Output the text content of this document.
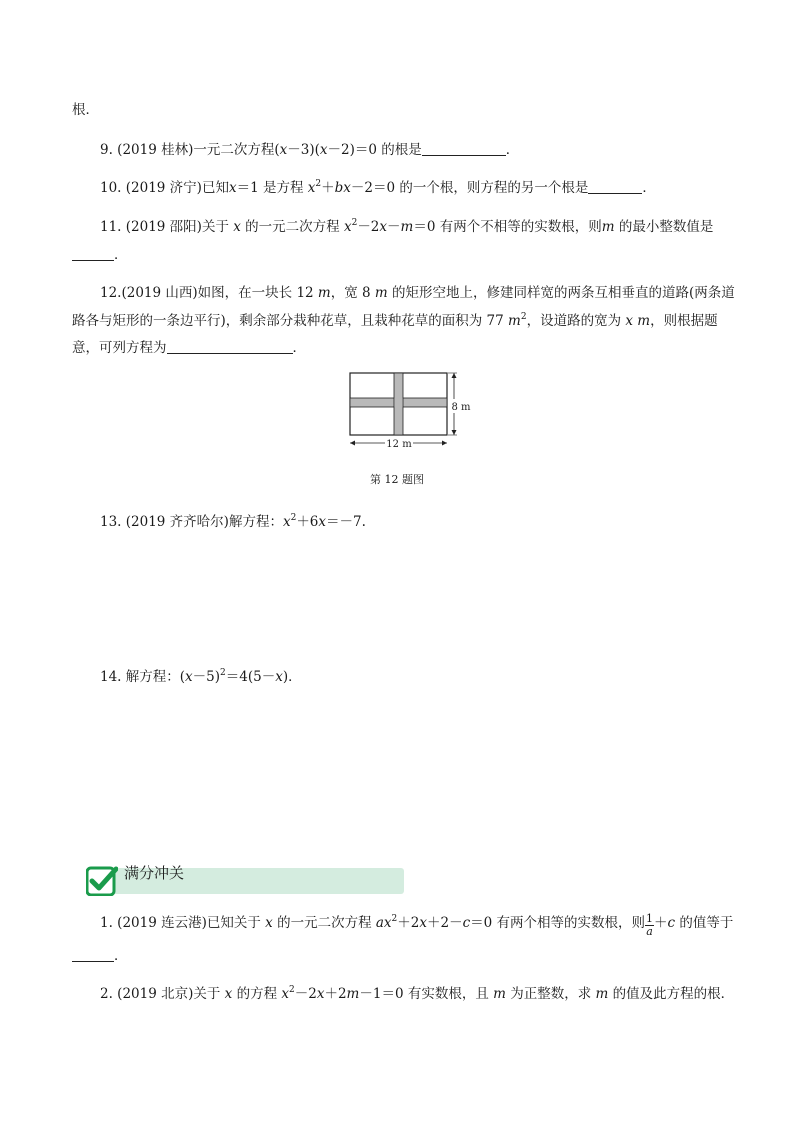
根．
9. (2019 桂林)一元二次方程(x－3)(x－2)＝0 的根是	．
10. (2019 济宁)已知x＝1 是方程 $x^2+bx-2=0$ 的一个根，则方程的另一个根是	．
11. (2019 邵阳)关于 x 的一元二次方程 $x^2-2x-m=0$ 有两个不相等的实数根，则m 的最小整数值是
．
12.(2019 山西)如图，在一块长 12 m，宽 8 m 的矩形空地上，修建同样宽的两条互相垂直的道路(两条道
路各与矩形的一条边平行)，剩余部分栽种花草，且栽种花草的面积为 77 $m^2$，设道路的宽为 x m，则根据题
意，可列方程为	．
12 m
8 m
第 12 题图
13. (2019 齐齐哈尔)解方程：$x^2+6x=-7$.
14. 解方程：$(x-5)^2=4(5-x)$．
满分冲关
1. (2019 连云港)已知关于 x 的一元二次方程 $ax^2+2x+2-c=0$ 有两个相等的实数根，则 $\frac{1}{a}+c$ 的值等于
．
2. (2019 北京)关于 x 的方程 $x^2-2x+2m-1=0$ 有实数根，且 m 为正整数，求 m 的值及此方程的根．
